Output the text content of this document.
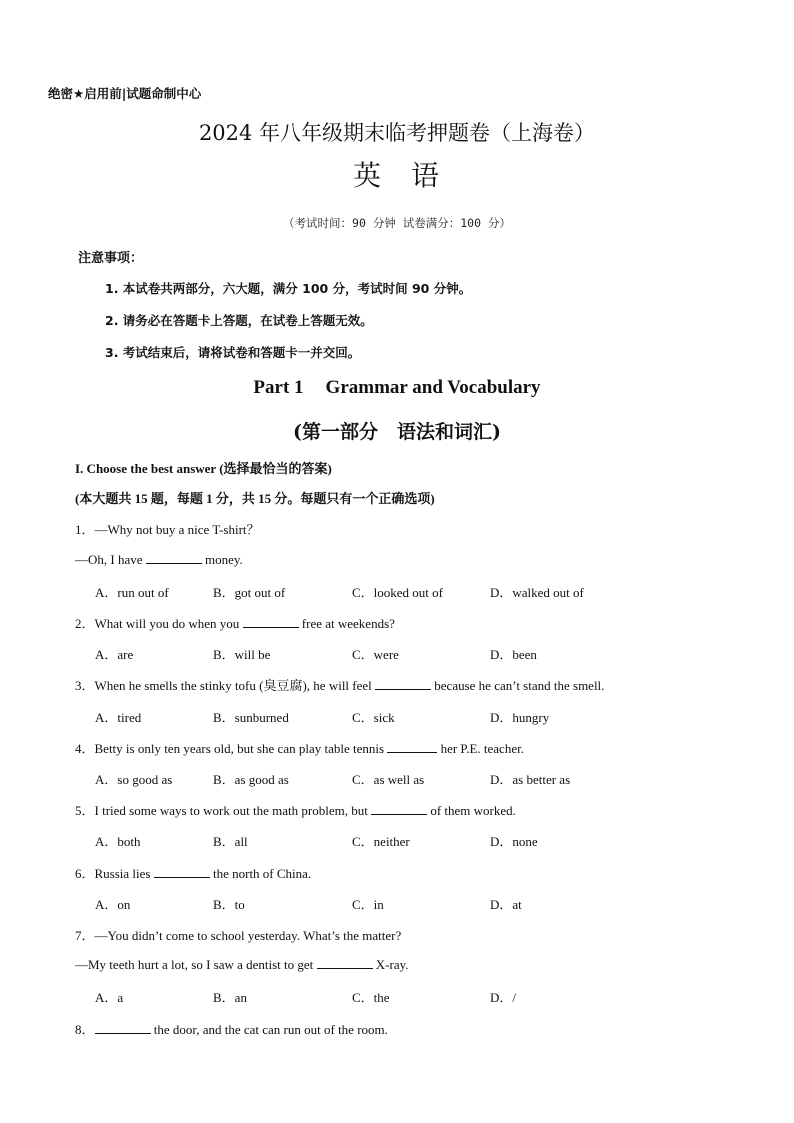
绝密★启用前|试题命制中心
2024 年八年级期末临考押题卷（上海卷）
英 语
（考试时间：90 分钟 试卷满分：100 分）
注意事项：
1. 本试卷共两部分，六大题，满分 100 分，考试时间 90 分钟。
2. 请务必在答题卡上答题，在试卷上答题无效。
3. 考试结束后，请将试卷和答题卡一并交回。
Part 1 Grammar and Vocabulary
(第一部分　语法和词汇)
I. Choose the best answer (选择最恰当的答案)
(本大题共 15 题，每题 1 分，共 15 分。每题只有一个正确选项)
1．—Why not buy a nice T-shirt？
—Oh, I have	money.
A．run out of	B．got out of	C．looked out of	D．walked out of
2．What will you do when you	free at weekends?
A．are	B．will be	C．were	D．been
3．When he smells the stinky tofu (臭豆腐), he will feel	because he can’t stand the smell.
A．tired	B．sunburned	C．sick	D．hungry
4．Betty is only ten years old, but she can play table tennis	her P.E. teacher.
A．so good as	B．as good as	C．as well as	D．as better as
5．I tried some ways to work out the math problem, but	of them worked.
A．both	B．all	C．neither	D．none
6．Russia lies	the north of China.
A．on	B．to	C．in	D．at
7．—You didn’t come to school yesterday. What’s the matter?
—My teeth hurt a lot, so I saw a dentist to get	X-ray.
A．a	B．an	C．the	D．/
8．	the door, and the cat can run out of the room.
